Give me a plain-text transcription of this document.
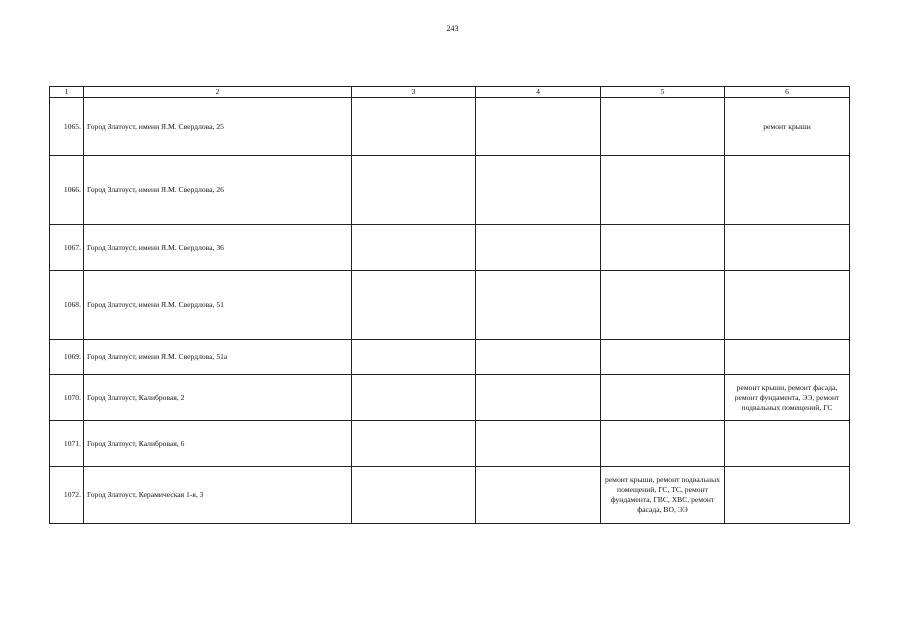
243
1	2	3	4	5	6
1065.	Город Златоуст, имени Я.М. Свердлова, 25				ремонт крыши
1066.	Город Златоуст, имени Я.М. Свердлова, 26				
1067.	Город Златоуст, имени Я.М. Свердлова, 36				
1068.	Город Златоуст, имени Я.М. Свердлова, 51				
1069.	Город Златоуст, имени Я.М. Свердлова, 51а				
1070.	Город Златоуст, Калибровая, 2				ремонт крыши, ремонт фасада, ремонт фундамента, ЭЭ, ремонт подвальных помещений, ГС
1071.	Город Златоуст, Калибровая, 6				
1072.	Город Златоуст, Керамическая 1-я, 3			ремонт крыши, ремонт подвальных помещений, ГС, ТС, ремонт фундамента, ГВС, ХВС, ремонт фасада, ВО, ЭЭ	
